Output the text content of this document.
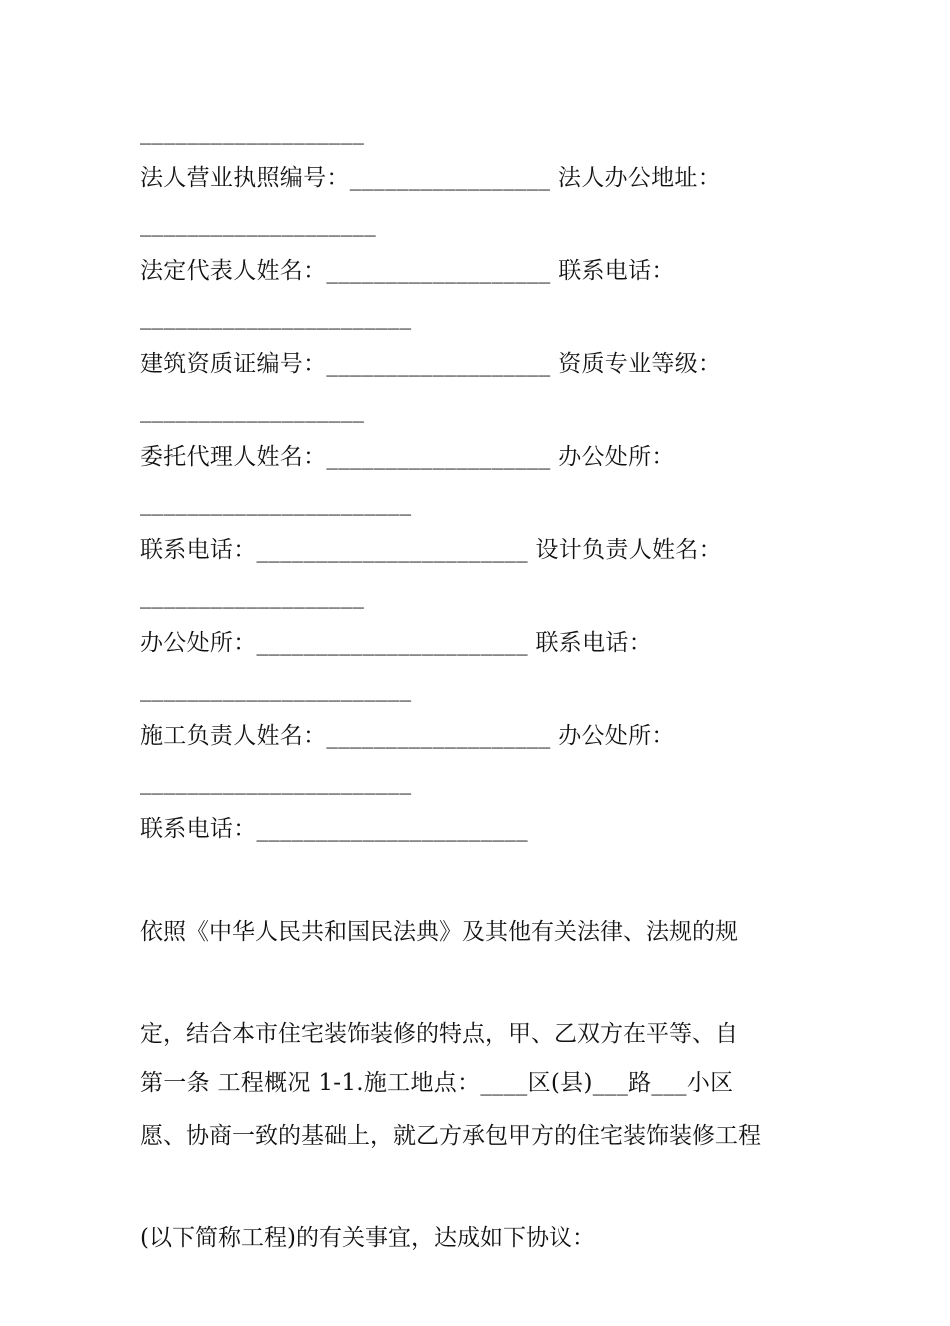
___________________
法人营业执照编号：_________________ 法人办公地址：
____________________
法定代表人姓名：___________________ 联系电话：
_______________________
建筑资质证编号：___________________ 资质专业等级：
___________________
委托代理人姓名：___________________ 办公处所：
_______________________
联系电话：_______________________ 设计负责人姓名：
___________________
办公处所：_______________________ 联系电话：
_______________________
施工负责人姓名：___________________ 办公处所：
_______________________
联系电话：_______________________

依照《中华人民共和国民法典》及其他有关法律、法规的规

定，结合本市住宅装饰装修的特点，甲、乙双方在平等、自

愿、协商一致的基础上，就乙方承包甲方的住宅装饰装修工程

(以下简称工程)的有关事宜，达成如下协议：

第一条 工程概况 1-1.施工地点：____区(县)___路___小区
